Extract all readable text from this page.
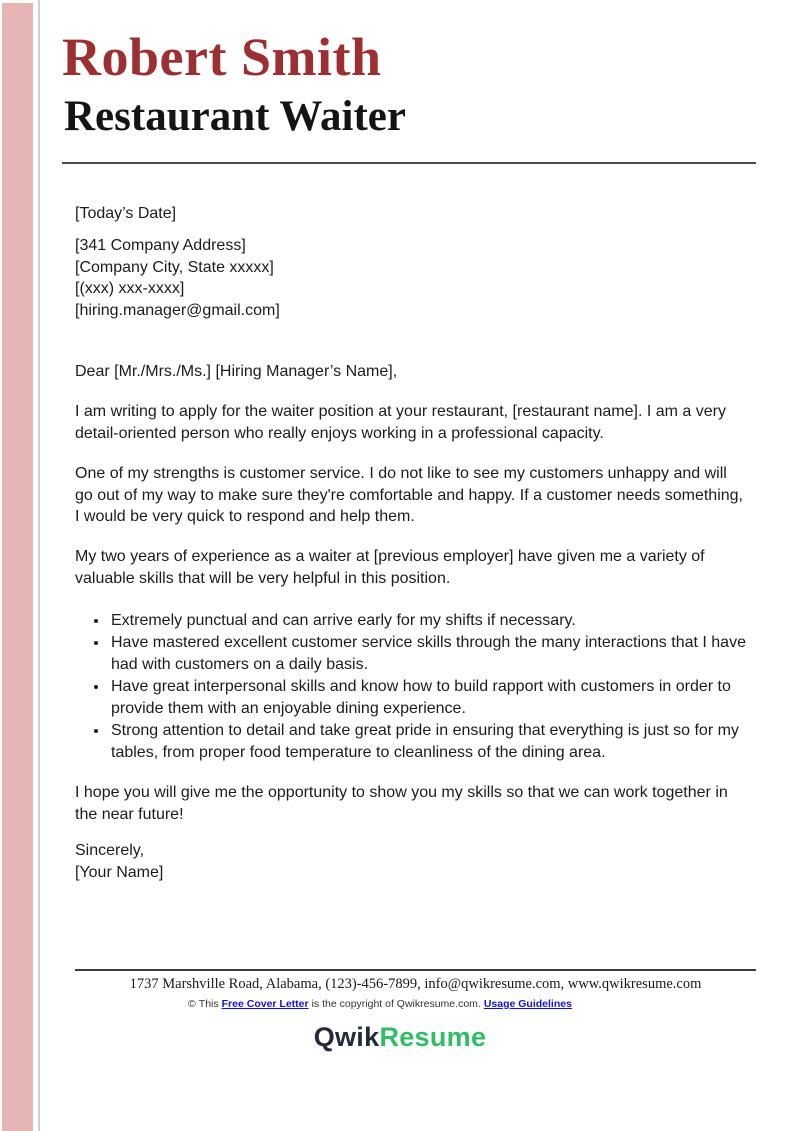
Robert Smith
Restaurant Waiter
[Today’s Date]
[341 Company Address]
[Company City, State xxxxx]
[(xxx) xxx-xxxx]
[hiring.manager@gmail.com]
Dear [Mr./Mrs./Ms.] [Hiring Manager’s Name],
I am writing to apply for the waiter position at your restaurant, [restaurant name]. I am a very detail-oriented person who really enjoys working in a professional capacity.
One of my strengths is customer service. I do not like to see my customers unhappy and will go out of my way to make sure they're comfortable and happy. If a customer needs something, I would be very quick to respond and help them.
My two years of experience as a waiter at [previous employer] have given me a variety of valuable skills that will be very helpful in this position.
• Extremely punctual and can arrive early for my shifts if necessary.
• Have mastered excellent customer service skills through the many interactions that I have had with customers on a daily basis.
• Have great interpersonal skills and know how to build rapport with customers in order to provide them with an enjoyable dining experience.
• Strong attention to detail and take great pride in ensuring that everything is just so for my tables, from proper food temperature to cleanliness of the dining area.
I hope you will give me the opportunity to show you my skills so that we can work together in the near future!
Sincerely,
[Your Name]
1737 Marshville Road, Alabama, (123)-456-7899, info@qwikresume.com, www.qwikresume.com
© This Free Cover Letter is the copyright of Qwikresume.com. Usage Guidelines
QwikResume
